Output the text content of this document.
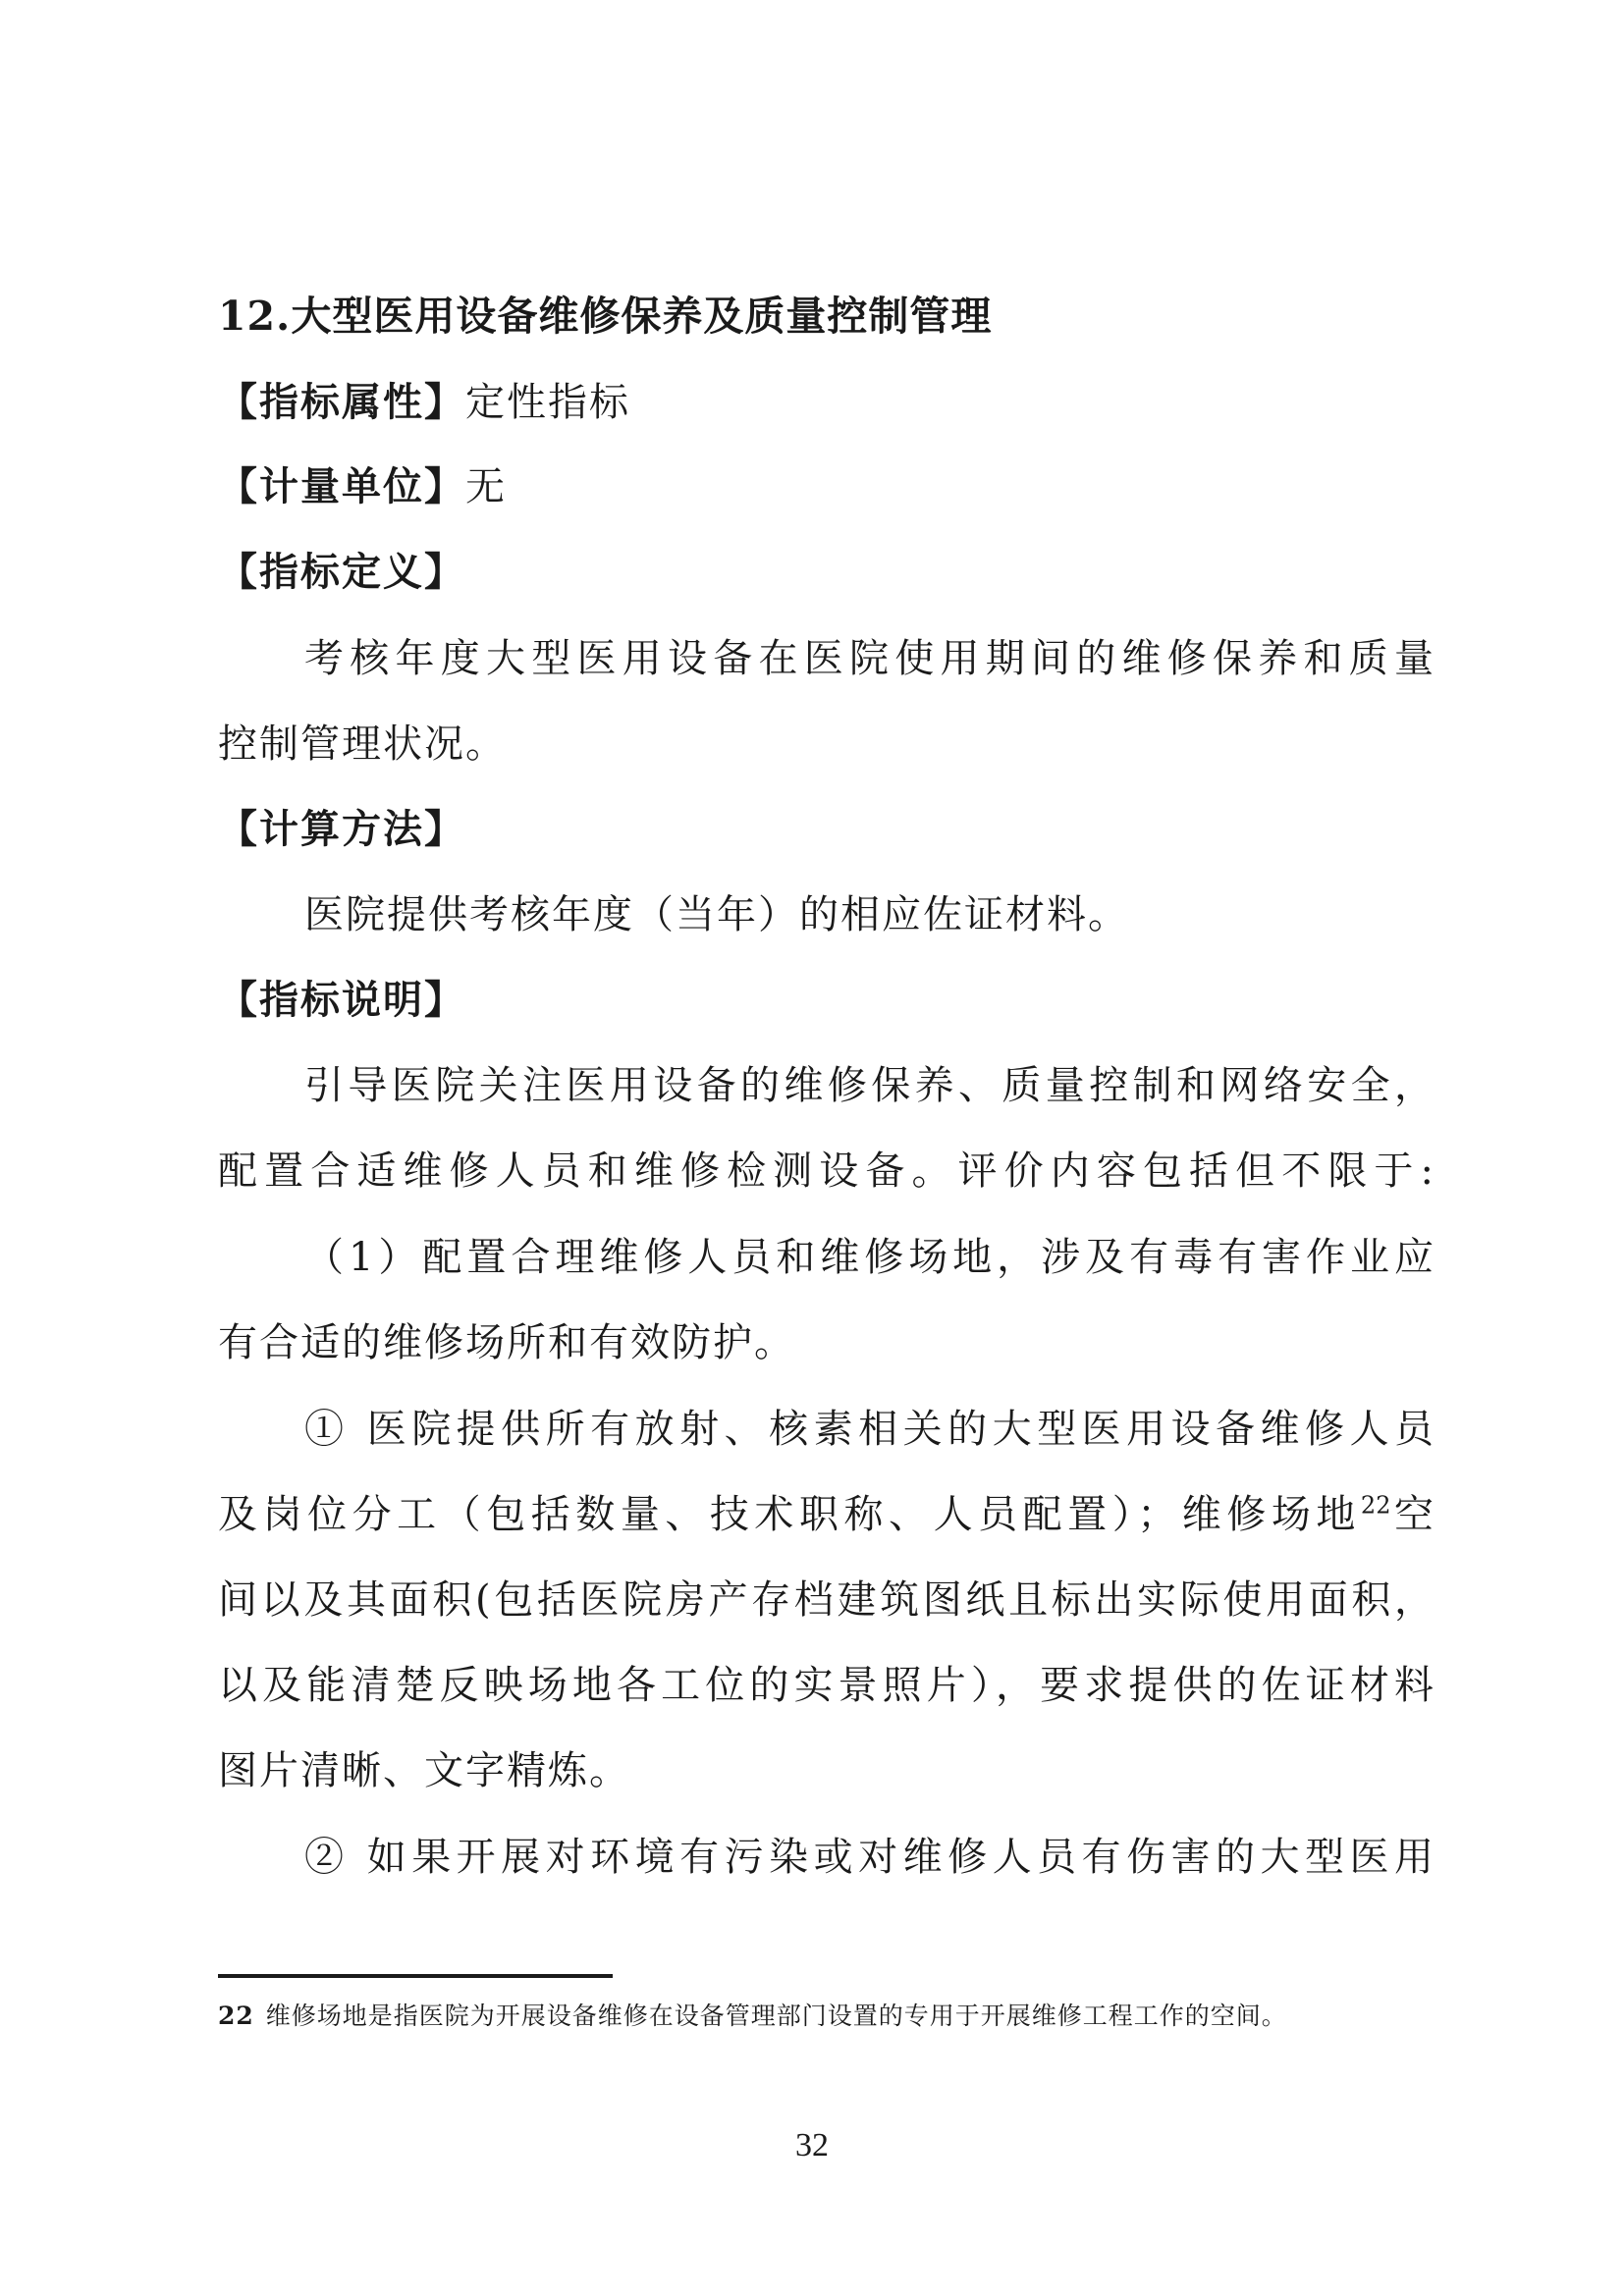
12.大型医用设备维修保养及质量控制管理
【指标属性】定性指标
【计量单位】无
【指标定义】
考核年度大型医用设备在医院使用期间的维修保养和质量
控制管理状况。
【计算方法】
医院提供考核年度（当年）的相应佐证材料。
【指标说明】
引导医院关注医用设备的维修保养、质量控制和网络安全，
配置合适维修人员和维修检测设备。评价内容包括但不限于:
（1）配置合理维修人员和维修场地，涉及有毒有害作业应
有合适的维修场所和有效防护。
① 医院提供所有放射、核素相关的大型医用设备维修人员
及岗位分工（包括数量、技术职称、人员配置）；维修场地$^{22}$空
间以及其面积(包括医院房产存档建筑图纸且标出实际使用面积，
以及能清楚反映场地各工位的实景照片），要求提供的佐证材料
图片清晰、文字精炼。
② 如果开展对环境有污染或对维修人员有伤害的大型医用
22 维修场地是指医院为开展设备维修在设备管理部门设置的专用于开展维修工程工作的空间。
32
